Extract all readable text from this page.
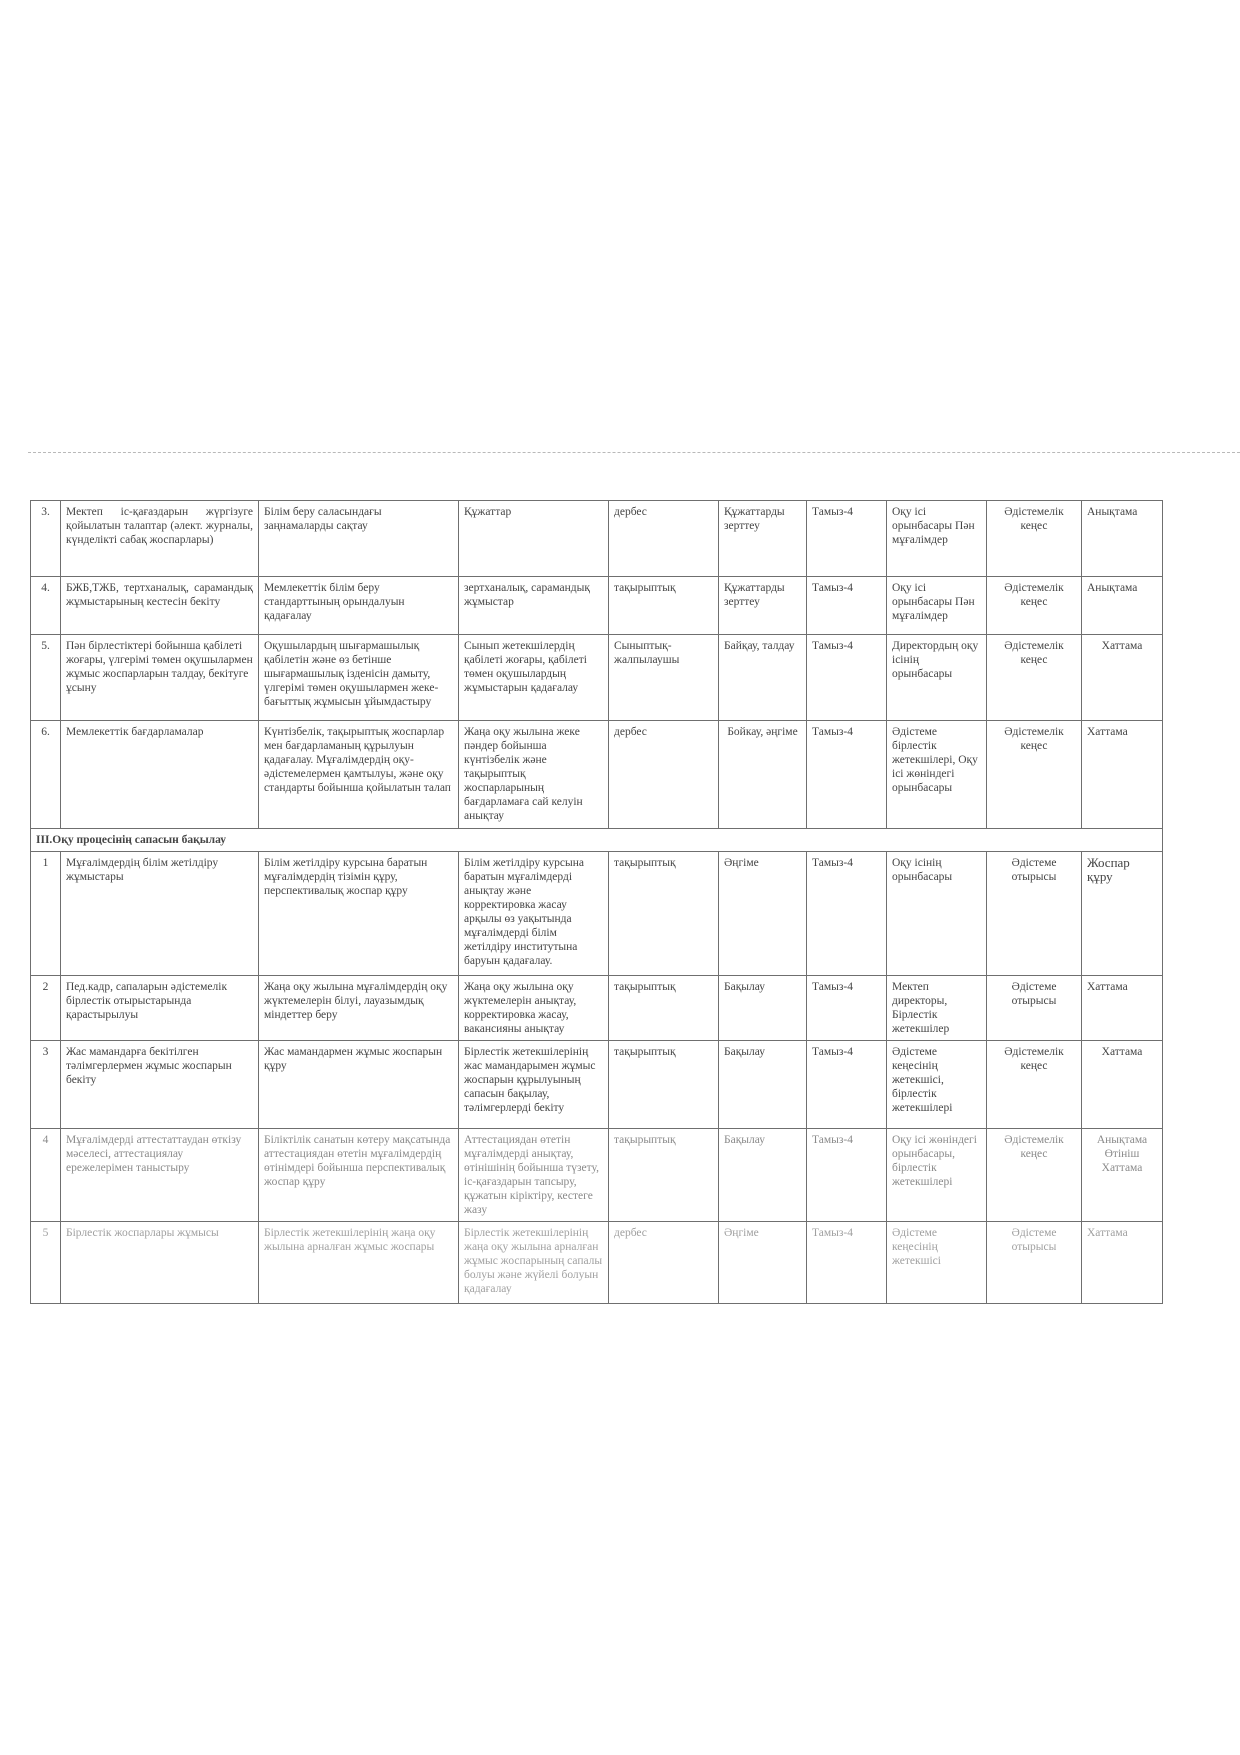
3.	Мектеп іс-қағаздарын жүргізуге қойылатын талаптар (әлект. журналы, күнделікті сабақ жоспарлары)	Білім беру саласындағы заңнамаларды сақтау	Құжаттар	дербес	Құжаттарды зерттеу	Тамыз-4	Оқу ісі орынбасары Пән мұғалімдер	Әдістемелік кеңес	Анықтама
4.	БЖБ,ТЖБ, тертханалық, сарамандық жұмыстарының кестесін бекіту	Мемлекеттік білім беру стандарттының орындалуын қадағалау	зертханалық, сарамандық жұмыстар	тақырыптық	Құжаттарды зерттеу	Тамыз-4	Оқу ісі орынбасары Пән мұғалімдер	Әдістемелік кеңес	Анықтама
5.	Пән бірлестіктері бойынша қабілеті жоғары, үлгерімі төмен оқушылармен жұмыс жоспарларын талдау, бекітуге ұсыну	Оқушылардың шығармашылық қабілетін және өз бетінше шығармашылық ізденісін дамыту, үлгерімі төмен оқушылармен жеке-бағыттық жұмысын ұйымдастыру	Сынып жетекшілердің қабілеті жоғары, қабілеті төмен оқушылардың жұмыстарын қадағалау	Сыныптық-жалпылаушы	Байқау, талдау	Тамыз-4	Директордың оқу ісінің орынбасары	Әдістемелік кеңес	Хаттама
6.	Мемлекеттік бағдарламалар	Күнтізбелік, тақырыптық жоспарлар мен бағдарламаның құрылуын қадағалау. Мұғалімдердің оқу-әдістемелермен қамтылуы, және оқу стандарты бойынша қойылатын талап	Жаңа оқу жылына жеке пәндер бойынша күнтізбелік және тақырыптық жоспарларының бағдарламаға сай келуін анықтау	дербес	Бойкау, әңгіме	Тамыз-4	Әдістеме бірлестік жетекшілері, Оқу ісі жөніндегі орынбасары	Әдістемелік кеңес	Хаттама
ІІІ.Оқу процесінің сапасын бақылау									
1	Мұғалімдердің білім жетілдіру жұмыстары	Білім жетілдіру курсына баратын мұғалімдердің тізімін құру, перспективалық жоспар құру	Білім жетілдіру курсына баратын мұғалімдерді анықтау және корректировка жасау арқылы өз уақытында мұғалімдерді білім жетілдіру институтына баруын қадағалау.	тақырыптық	Әңгіме	Тамыз-4	Оқу ісінің орынбасары	Әдістеме отырысы	Жоспар құру
2	Пед.кадр, сапаларын әдістемелік бірлестік отырыстарында қарастырылуы	Жаңа оқу жылына мұғалімдердің оқу жүктемелерін білуі, лауазымдық міндеттер беру	Жаңа оқу жылына оқу жүктемелерін анықтау, корректировка жасау, вакансияны анықтау	тақырыптық	Бақылау	Тамыз-4	Мектеп директоры, Бірлестік жетекшілер	Әдістеме отырысы	Хаттама
3	Жас мамандарға бекітілген тәлімгерлермен жұмыс жоспарын бекіту	Жас мамандармен жұмыс жоспарын құру	Бірлестік жетекшілерінің жас мамандарымен жұмыс жоспарын құрылуының сапасын бақылау, тәлімгерлерді бекіту	тақырыптық	Бақылау	Тамыз-4	Әдістеме кеңесінің жетекшісі, бірлестік жетекшілері	Әдістемелік кеңес	Хаттама
4	Мұғалімдерді аттестаттаудан өткізу мәселесі, аттестациялау ережелерімен таныстыру	Біліктілік санатын көтеру мақсатында аттестациядан өтетін мұғалімдердің өтінімдері бойынша перспективалық жоспар құру	Аттестациядан өтетін мұғалімдерді анықтау, өтінішінің бойынша түзету, іс-қағаздарын тапсыру, құжатын кіріктіру, кестеге жазу	тақырыптық	Бақылау	Тамыз-4	Оқу ісі жөніндегі орынбасары, бірлестік жетекшілері	Әдістемелік кеңес	Анықтама Өтініш Хаттама
5	Бірлестік жоспарлары жұмысы	Бірлестік жетекшілерінің жаңа оқу жылына арналған жұмыс жоспары	Бірлестік жетекшілерінің жаңа оқу жылына арналған жұмыс жоспарының сапалы болуы және жүйелі болуын қадағалау	дербес	Әңгіме	Тамыз-4	Әдістеме кеңесінің жетекшісі	Әдістеме отырысы	Хаттама
